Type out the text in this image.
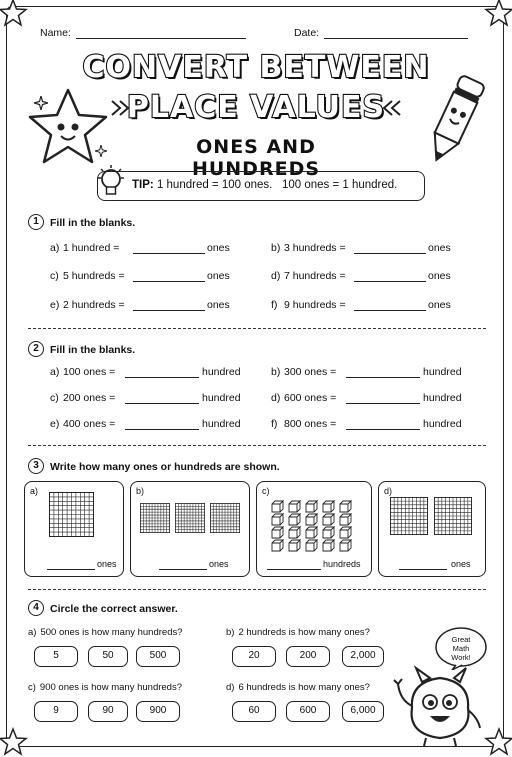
Name:	Date:
CONVERT BETWEEN
PLACE VALUES
ONES AND HUNDREDS
TIP: 1 hundred = 100 ones.   100 ones = 1 hundred.
1	Fill in the blanks.
a) 1 hundred =	ones	b) 3 hundreds =	ones
c) 5 hundreds =	ones	d) 7 hundreds =	ones
e) 2 hundreds =	ones	f) 9 hundreds =	ones
2	Fill in the blanks.
a) 100 ones =	hundred	b) 300 ones =	hundred
c) 200 ones =	hundred	d) 600 ones =	hundred
e) 400 ones =	hundred	f) 800 ones =	hundred
3	Write how many ones or hundreds are shown.
a)
ones
b)
ones
c)
hundreds
d)
ones
4	Circle the correct answer.
a) 500 ones is how many hundreds?
5	50	500
b) 2 hundreds is how many ones?
20	200	2,000
c) 900 ones is how many hundreds?
9	90	900
d) 6 hundreds is how many ones?
60	600	6,000
Great
Math
Work!
